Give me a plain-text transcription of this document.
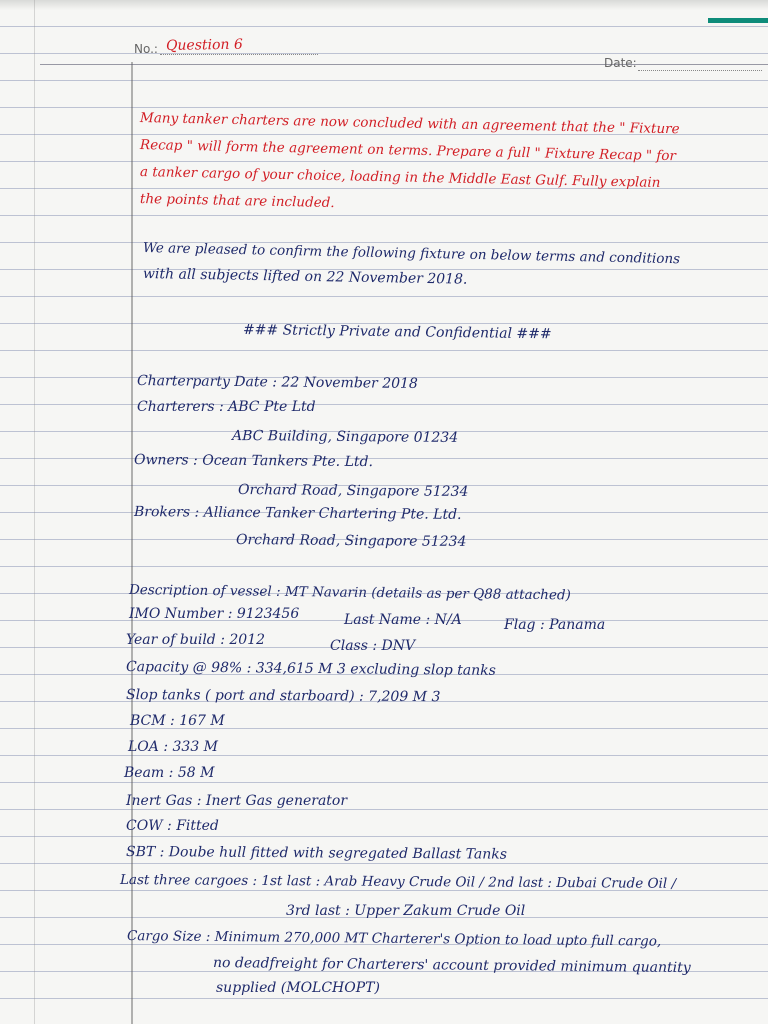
No.: Question 6
Date:
Many tanker charters are now concluded with an agreement that the " Fixture
Recap " will form the agreement on terms. Prepare a full " Fixture Recap " for
a tanker cargo of your choice, loading in the Middle East Gulf. Fully explain
the points that are included.
We are pleased to confirm the following fixture on below terms and conditions
with all subjects lifted on 22 November 2018.
### Strictly Private and Confidential ###
Charterparty Date : 22 November 2018
Charterers : ABC Pte Ltd
ABC Building, Singapore 01234
Owners : Ocean Tankers Pte. Ltd.
Orchard Road, Singapore 51234
Brokers : Alliance Tanker Chartering Pte. Ltd.
Orchard Road, Singapore 51234
Description of vessel : MT Navarin (details as per Q88 attached)
IMO Number : 9123456	Last Name : N/A	Flag : Panama
Year of build : 2012	Class : DNV
Capacity @ 98% : 334,615 M 3 excluding slop tanks
Slop tanks ( port and starboard) : 7,209 M 3
BCM : 167 M
LOA : 333 M
Beam : 58 M
Inert Gas : Inert Gas generator
COW : Fitted
SBT : Doube hull fitted with segregated Ballast Tanks
Last three cargoes : 1st last : Arab Heavy Crude Oil / 2nd last : Dubai Crude Oil /
3rd last : Upper Zakum Crude Oil
Cargo Size : Minimum 270,000 MT Charterer's Option to load upto full cargo,
no deadfreight for Charterers' account provided minimum quantity
supplied (MOLCHOPT)
